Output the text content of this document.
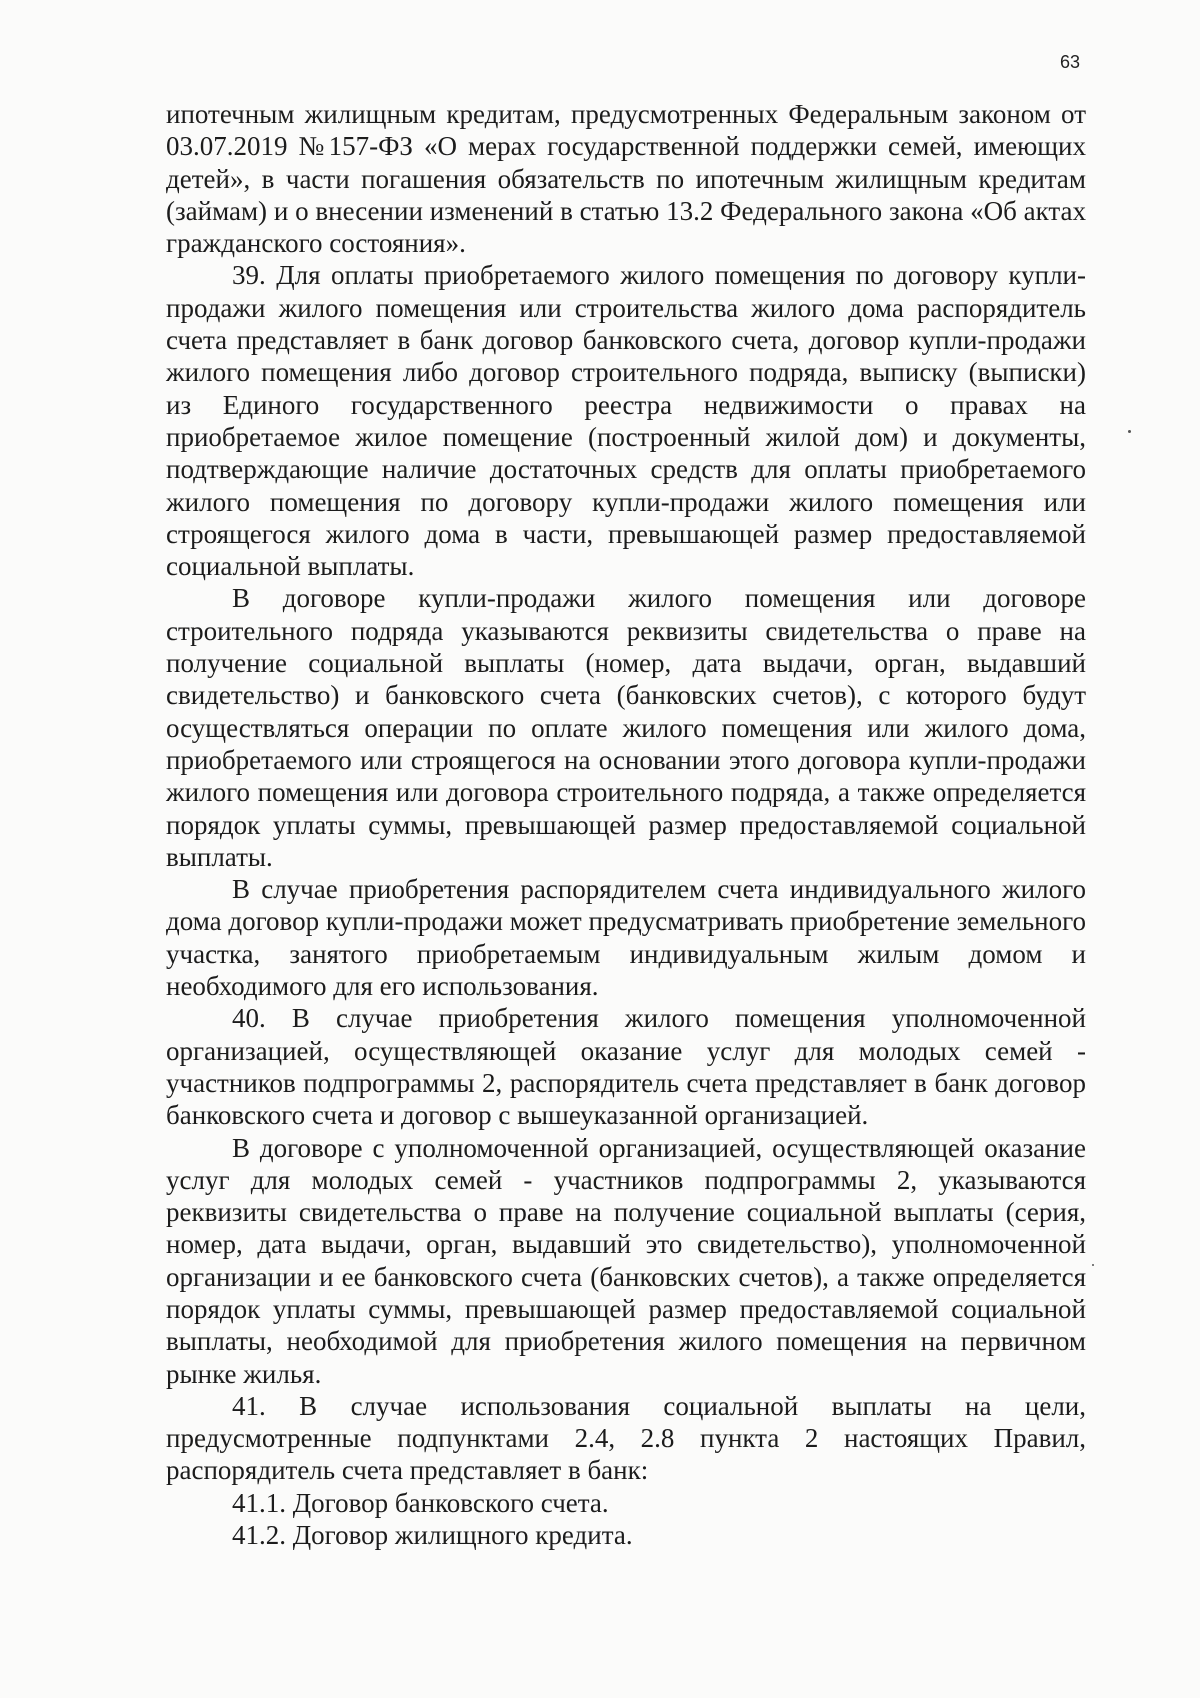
63

ипотечным жилищным кредитам, предусмотренных Федеральным законом от 03.07.2019 №157-ФЗ «О мерах государственной поддержки семей, имеющих детей», в части погашения обязательств по ипотечным жилищным кредитам (займам) и о внесении изменений в статью 13.2 Федерального закона «Об актах гражданского состояния».

39. Для оплаты приобретаемого жилого помещения по договору купли-продажи жилого помещения или строительства жилого дома распорядитель счета представляет в банк договор банковского счета, договор купли-продажи жилого помещения либо договор строительного подряда, выписку (выписки) из Единого государственного реестра недвижимости о правах на приобретаемое жилое помещение (построенный жилой дом) и документы, подтверждающие наличие достаточных средств для оплаты приобретаемого жилого помещения по договору купли-продажи жилого помещения или строящегося жилого дома в части, превышающей размер предоставляемой социальной выплаты.

В договоре купли-продажи жилого помещения или договоре строительного подряда указываются реквизиты свидетельства о праве на получение социальной выплаты (номер, дата выдачи, орган, выдавший свидетельство) и банковского счета (банковских счетов), с которого будут осуществляться операции по оплате жилого помещения или жилого дома, приобретаемого или строящегося на основании этого договора купли-продажи жилого помещения или договора строительного подряда, а также определяется порядок уплаты суммы, превышающей размер предоставляемой социальной выплаты.

В случае приобретения распорядителем счета индивидуального жилого дома договор купли-продажи может предусматривать приобретение земельного участка, занятого приобретаемым индивидуальным жилым домом и необходимого для его использования.

40. В случае приобретения жилого помещения уполномоченной организацией, осуществляющей оказание услуг для молодых семей - участников подпрограммы 2, распорядитель счета представляет в банк договор банковского счета и договор с вышеуказанной организацией.

В договоре с уполномоченной организацией, осуществляющей оказание услуг для молодых семей - участников подпрограммы 2, указываются реквизиты свидетельства о праве на получение социальной выплаты (серия, номер, дата выдачи, орган, выдавший это свидетельство), уполномоченной организации и ее банковского счета (банковских счетов), а также определяется порядок уплаты суммы, превышающей размер предоставляемой социальной выплаты, необходимой для приобретения жилого помещения на первичном рынке жилья.

41. В случае использования социальной выплаты на цели, предусмотренные подпунктами 2.4, 2.8 пункта 2 настоящих Правил, распорядитель счета представляет в банк:

41.1. Договор банковского счета.

41.2. Договор жилищного кредита.
